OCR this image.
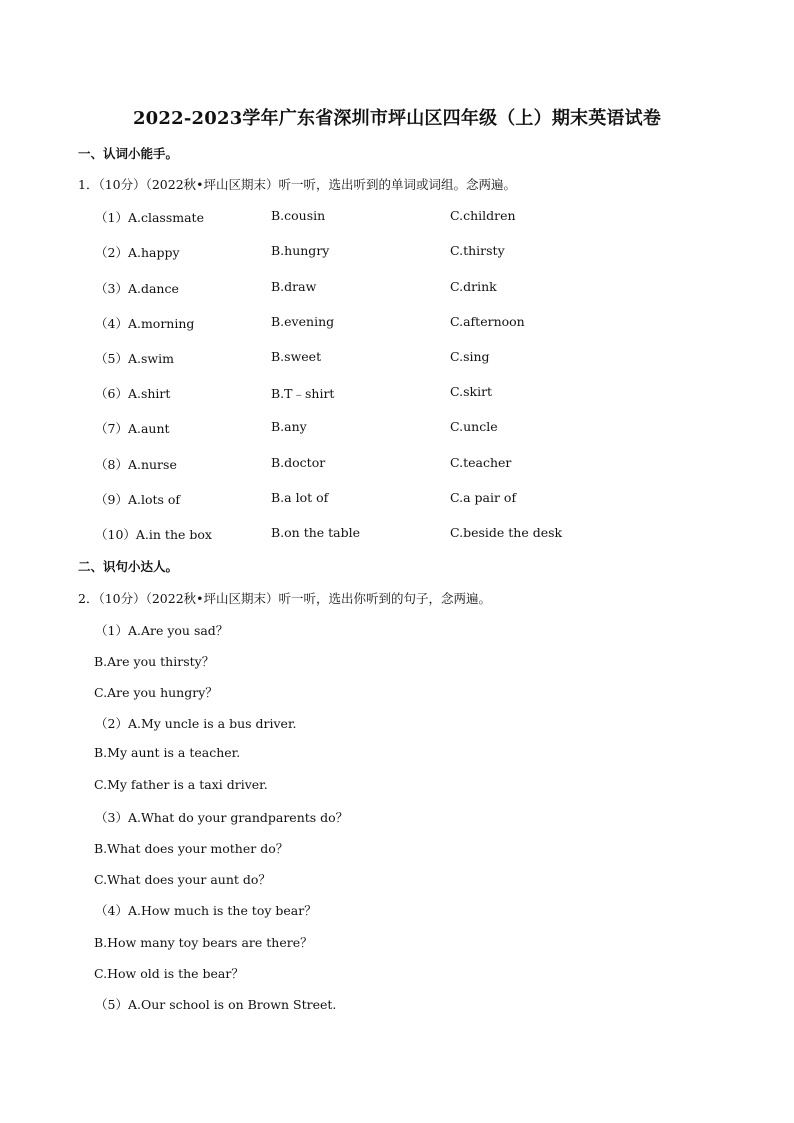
2022-2023学年广东省深圳市坪山区四年级（上）期末英语试卷
一、认词小能手。
1．（10分）（2022秋•坪山区期末）听一听，选出听到的单词或词组。念两遍。
（1）A.classmate	B.cousin	C.children
（2）A.happy	B.hungry	C.thirsty
（3）A.dance	B.draw	C.drink
（4）A.morning	B.evening	C.afternoon
（5）A.swim	B.sweet	C.sing
（6）A.shirt	B.T﹣shirt	C.skirt
（7）A.aunt	B.any	C.uncle
（8）A.nurse	B.doctor	C.teacher
（9）A.lots of	B.a lot of	C.a pair of
（10）A.in the box	B.on the table	C.beside the desk
二、识句小达人。
2．（10分）（2022秋•坪山区期末）听一听，选出你听到的句子，念两遍。
（1）A.Are you sad？
B.Are you thirsty？
C.Are you hungry？
（2）A.My uncle is a bus driver.
B.My aunt is a teacher.
C.My father is a taxi driver.
（3）A.What do your grandparents do？
B.What does your mother do？
C.What does your aunt do？
（4）A.How much is the toy bear？
B.How many toy bears are there？
C.How old is the bear？
（5）A.Our school is on Brown Street.
